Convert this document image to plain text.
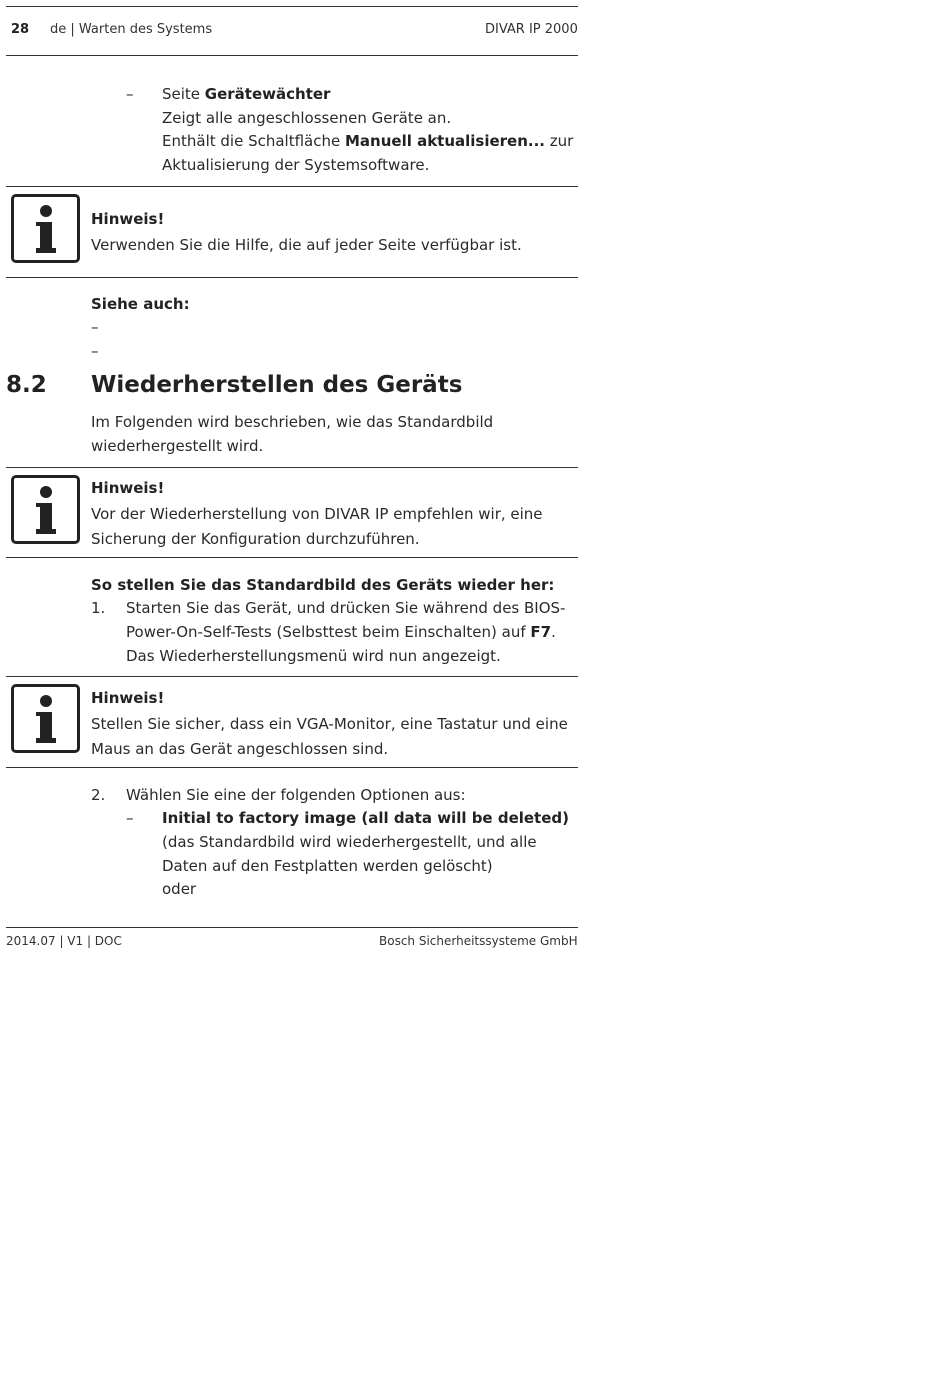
28 de | Warten des Systems	DIVAR IP 2000
– Seite Gerätewächter
Zeigt alle angeschlossenen Geräte an.
Enthält die Schaltfläche Manuell aktualisieren... zur
Aktualisierung der Systemsoftware.
Hinweis!
Verwenden Sie die Hilfe, die auf jeder Seite verfügbar ist.
Siehe auch:
–
–
8.2 Wiederherstellen des Geräts
Im Folgenden wird beschrieben, wie das Standardbild
wiederhergestellt wird.
Hinweis!
Vor der Wiederherstellung von DIVAR IP empfehlen wir, eine
Sicherung der Konfiguration durchzuführen.
So stellen Sie das Standardbild des Geräts wieder her:
1. Starten Sie das Gerät, und drücken Sie während des BIOS-
Power-On-Self-Tests (Selbsttest beim Einschalten) auf F7.
Das Wiederherstellungsmenü wird nun angezeigt.
Hinweis!
Stellen Sie sicher, dass ein VGA-Monitor, eine Tastatur und eine
Maus an das Gerät angeschlossen sind.
2. Wählen Sie eine der folgenden Optionen aus:
– Initial to factory image (all data will be deleted)
(das Standardbild wird wiederhergestellt, und alle
Daten auf den Festplatten werden gelöscht)
oder
2014.07 | V1 | DOC	Bosch Sicherheitssysteme GmbH
